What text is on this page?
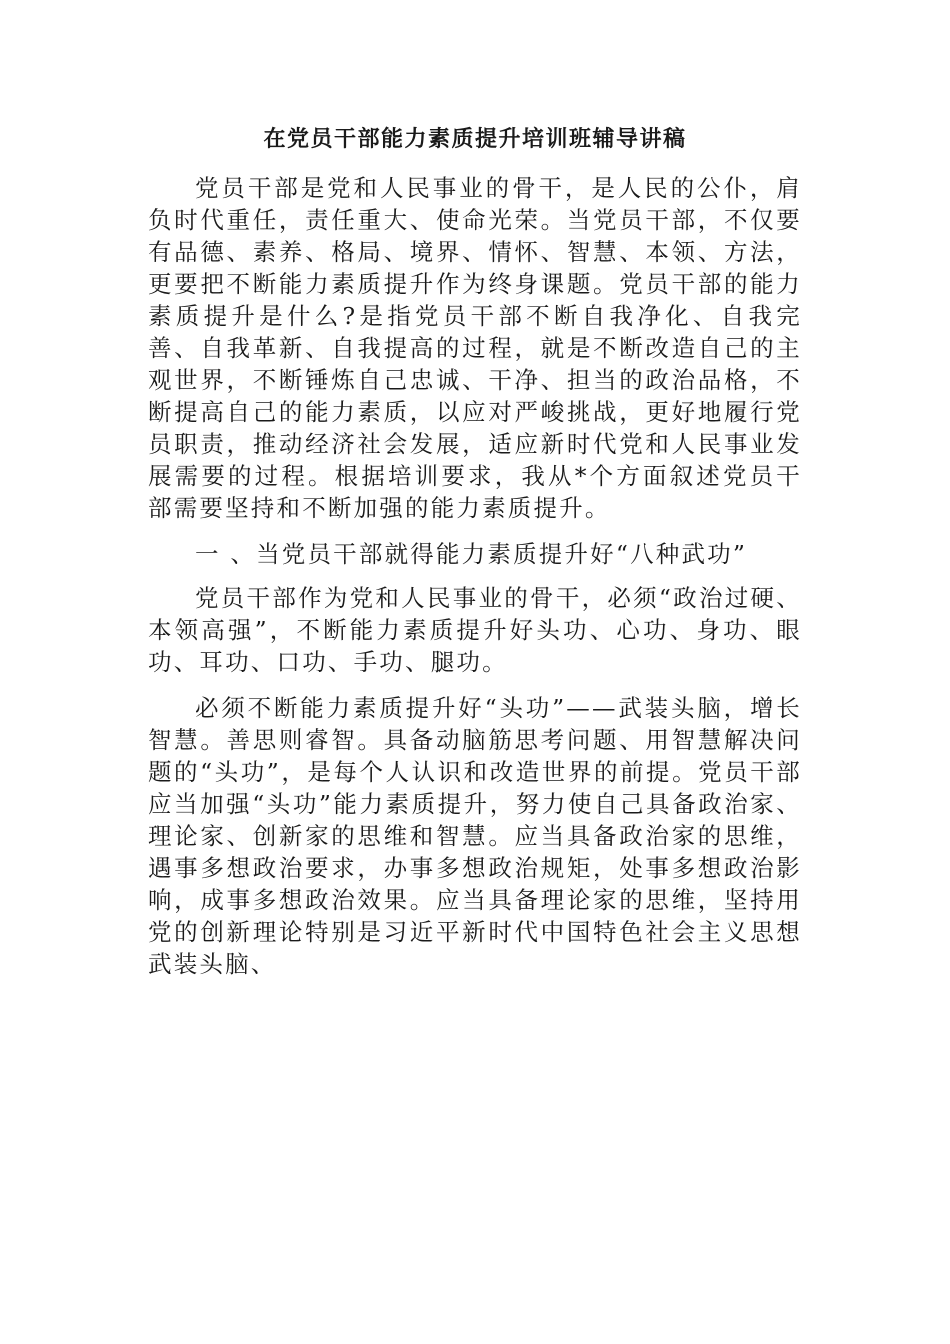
在党员干部能力素质提升培训班辅导讲稿

党员干部是党和人民事业的骨干，是人民的公仆，肩负时代重任，责任重大、使命光荣。当党员干部，不仅要有品德、素养、格局、境界、情怀、智慧、本领、方法，更要把不断能力素质提升作为终身课题。党员干部的能力素质提升是什么?是指党员干部不断自我净化、自我完善、自我革新、自我提高的过程，就是不断改造自己的主观世界，不断锤炼自己忠诚、干净、担当的政治品格，不断提高自己的能力素质，以应对严峻挑战，更好地履行党员职责，推动经济社会发展，适应新时代党和人民事业发展需要的过程。根据培训要求，我从*个方面叙述党员干部需要坚持和不断加强的能力素质提升。

一 、当党员干部就得能力素质提升好“八种武功”

党员干部作为党和人民事业的骨干，必须“政治过硬、本领高强”，不断能力素质提升好头功、心功、身功、眼功、耳功、口功、手功、腿功。

必须不断能力素质提升好“头功”——武装头脑，增长智慧。善思则睿智。具备动脑筋思考问题、用智慧解决问题的“头功”，是每个人认识和改造世界的前提。党员干部应当加强“头功”能力素质提升，努力使自己具备政治家、理论家、创新家的思维和智慧。应当具备政治家的思维，遇事多想政治要求，办事多想政治规矩，处事多想政治影响，成事多想政治效果。应当具备理论家的思维，坚持用党的创新理论特别是习近平新时代中国特色社会主义思想武装头脑、
